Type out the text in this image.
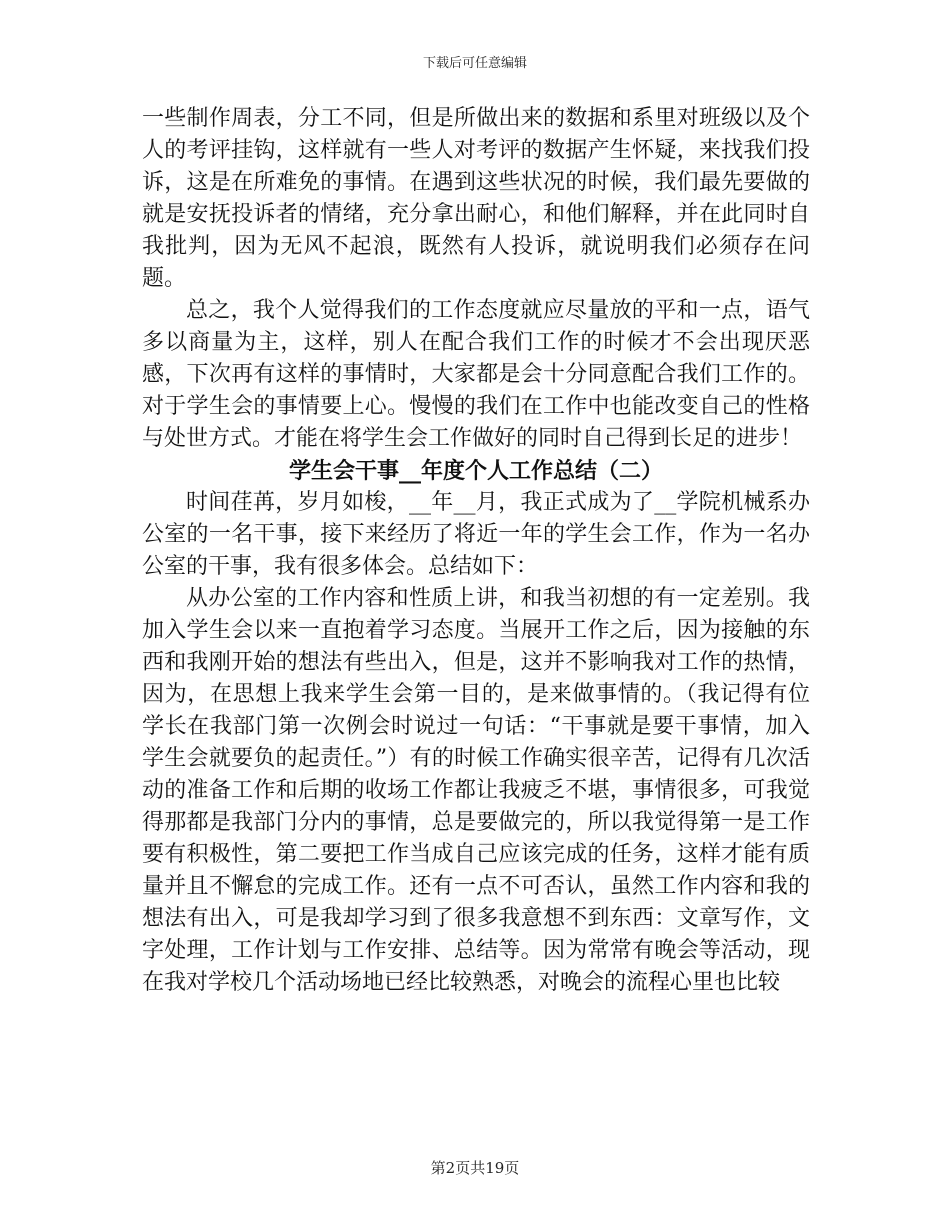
下载后可任意编辑

一些制作周表，分工不同，但是所做出来的数据和系里对班级以及个人的考评挂钩，这样就有一些人对考评的数据产生怀疑，来找我们投诉，这是在所难免的事情。在遇到这些状况的时候，我们最先要做的就是安抚投诉者的情绪，充分拿出耐心，和他们解释，并在此同时自我批判，因为无风不起浪，既然有人投诉，就说明我们必须存在问题。

总之，我个人觉得我们的工作态度就应尽量放的平和一点，语气多以商量为主，这样，别人在配合我们工作的时候才不会出现厌恶感，下次再有这样的事情时，大家都是会十分同意配合我们工作的。对于学生会的事情要上心。慢慢的我们在工作中也能改变自己的性格与处世方式。才能在将学生会工作做好的同时自己得到长足的进步！

学生会干事__年度个人工作总结（二）

时间荏苒，岁月如梭，__年__月，我正式成为了__学院机械系办公室的一名干事，接下来经历了将近一年的学生会工作，作为一名办公室的干事，我有很多体会。总结如下：

从办公室的工作内容和性质上讲，和我当初想的有一定差别。我加入学生会以来一直抱着学习态度。当展开工作之后，因为接触的东西和我刚开始的想法有些出入，但是，这并不影响我对工作的热情，因为，在思想上我来学生会第一目的，是来做事情的。（我记得有位学长在我部门第一次例会时说过一句话：“干事就是要干事情，加入学生会就要负的起责任。”）有的时候工作确实很辛苦，记得有几次活动的准备工作和后期的收场工作都让我疲乏不堪，事情很多，可我觉得那都是我部门分内的事情，总是要做完的，所以我觉得第一是工作要有积极性，第二要把工作当成自己应该完成的任务，这样才能有质量并且不懈怠的完成工作。还有一点不可否认，虽然工作内容和我的想法有出入，可是我却学习到了很多我意想不到东西：文章写作，文字处理，工作计划与工作安排、总结等。因为常常有晚会等活动，现在我对学校几个活动场地已经比较熟悉，对晚会的流程心里也比较

第2页共19页
